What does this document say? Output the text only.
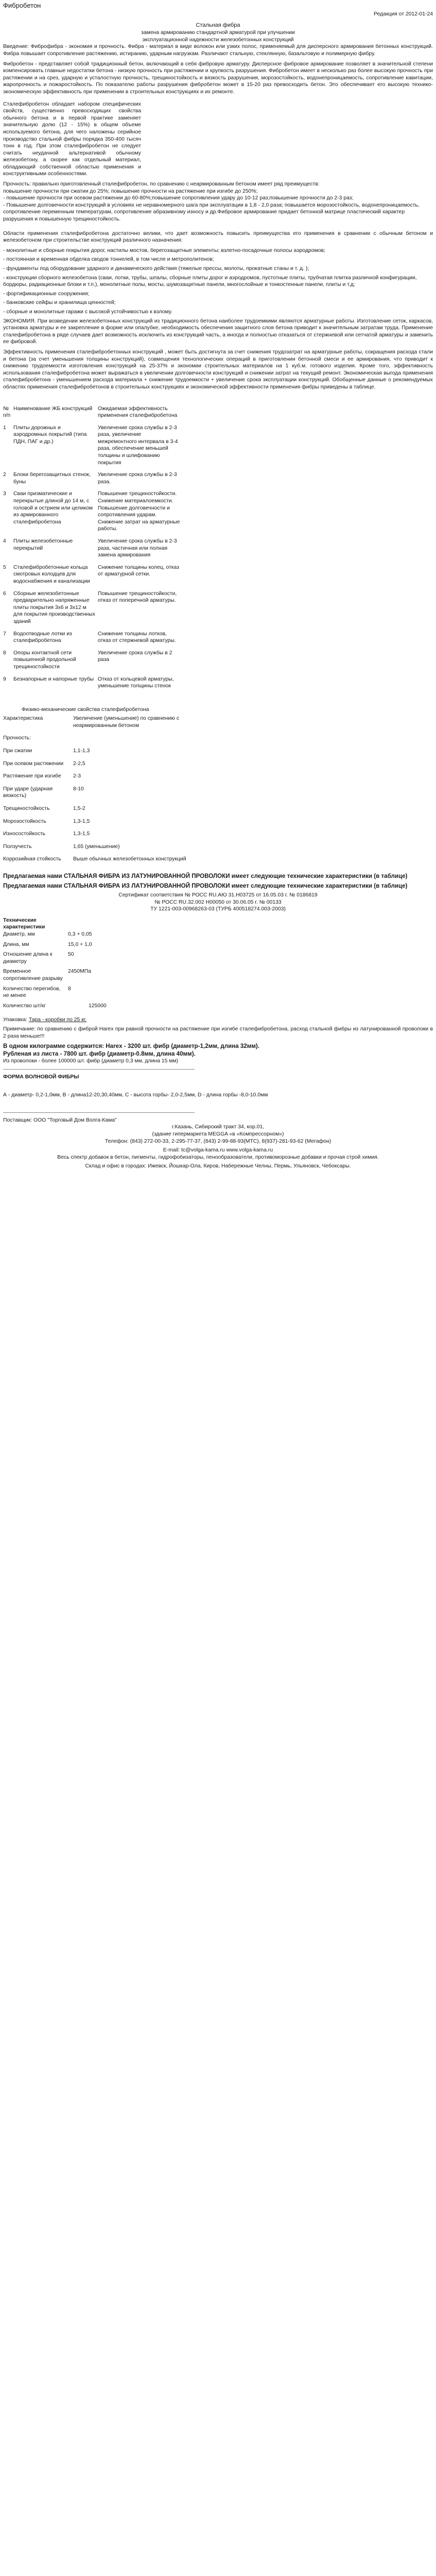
Фибробетон
Редакция от 2012-01-24
Стальная фибра
замена армированию стандартной арматурой при улучшении
эксплуатационной надежности железобетонных конструкций

Введение: Фиброфибра - экономия и прочность. Фибра - материал в виде волокон или узких полос, применяемый для дисперсного армирования бетонных конструкций. Фибра повышает сопротивление растяжению, истиранию, ударным нагрузкам. Различают стальную, стеклянную, базальтовую и полимерную фибру.

Фибробетон - представляет собой традиционный бетон, включающий в себя фибровую арматуру. Дисперсное фибровое армирование позволяет в значительной степени компенсировать главные недостатки бетона - низкую прочность при растяжении и хрупкость разрушения. Фибробетон имеет в несколько раз более высокую прочность при растяжении и на срез, ударную и усталостную прочность, трещиностойкость и вязкость разрушения, морозостойкость, водонепроницаемость, сопротивление кавитации, жаропрочность и пожаростойкость. По показателю работы разрушения фибробетон может в 15-20 раз превосходить бетон. Это обеспечивает его высокую технико-экономическую эффективность при применении в строительных конструкциях и их ремонте.

Сталефибробетон обладает набором специфических свойств, существенно превосходящих свойства обычного бетона и в первой практике заменяет значительную долю (12 - 15%) в общем объеме используемого бетона, для чего наложены серийное производство стальной фибры порядка 350-400 тысяч тонн в год. При этом сталефибробетон не следует считать неудачной альтернативой обычному железобетону, а скорее как отдельный материал, обладающий собственной областью применения и конструктивными особенностями.
Прочность: правильно приготовленный сталефибробетон, по сравнению с неармированным бетоном имеет ряд преимуществ:
повышение прочности при сжатии до 25%; повышение прочности на растяжение при изгибе до 250%;
- повышение прочности при осевом растяжении до 60-80%;повышение сопротивления удару до 10-12 раз;повышение прочности до 2-3 раз;
- Повышение долговечности конструкций в условиях не неравномерного шага при эксплуатации в 1,8 - 2,0 раза; повышается морозостойкость, водонепроницаемость, сопротивление переменным температурам, сопротивление абразивному износу и др.Фибровое армирование придает бетонной матрице пластический характер разрушения и повышенную трещиностойкость.

Области применения сталефибробетона достаточно велики, что дает возможность повысить преимущества его применения в сравнении с обычным бетоном и железобетоном при строительстве конструкций различного назначения:

- монолитные и сборные покрытия дорог, настилы мостов, берегозащитные элементы; взлетно-посадочные полосы аэродромов;
- постоянная и временная обделка сводов тоннелей, в том числе и метрополитенов;
- фундаменты под оборудование ударного и динамического действия (тяжелые прессы, молоты, прокатные станы и т. д. );
- конструкции сборного железобетона (сваи, лотки, трубы, шпалы, сборные плиты дорог и аэродромов, пустотные плиты, трубчатая плитка различной конфигурации, бордюры, радиационные блоки и т.п.), монолитные полы, мосты, шумозащитные панели, многослойные и тонкостенные панели, плиты и т.д;
- фортификационные сооружения;
- банковские сейфы и хранилища ценностей;
- сборные и монолитные гаражи с высокой устойчивостью к взлому.

ЭКОНОМИЯ. При возведении железобетонных конструкций из традиционного бетона наиболее трудоемкими являются арматурные работы. Изготовление сеток, каркасов, установка арматуры и ее закрепление в форме или опалубке, необходимость обеспечения защитного слоя бетона приводит к значительным затратам труда. Применение сталефибробетона в ряде случаев дает возможность исключить из конструкций часть, а иногда и полностью отказаться от стержневой или сетчатой арматуры и заменить ее фибровой.

Эффективность применения сталефибробетонных конструкций , может быть достигнута за счет снижения трудозатрат на арматурные работы, сокращения расхода стали и бетона (за счет уменьшения толщины конструкций), совмещения технологических операций в приготовлении бетонной смеси и ее армирования, что приводит к снижению трудоемкости изготовления конструкций на 25-37% и экономии строительных материалов на 1 куб.м. готового изделия. Кроме того, эффективность использования сталефибробетона может выражаться в увеличении долговечности конструкций и снижении затрат на текущий ремонт. Экономическая выгода применения сталефибробетона - уменьшением расхода материала + снижение трудоемкости + увеличение срока эксплуатации конструкций. Обобщенные данные о рекомендуемых областях применения сталефибробетонов в строительных конструкциях и экономической эффективности применения фибры приведены в таблице.

№ п/п	Наименование ЖБ конструкций	Ожидаемая эффективность применения сталефибробетона
1	Плиты дорожных и аэродромных покрытий (типа ПДН, ПАГ и др.)	Увеличение срока службы в 2-3 раза, увеличение межремонтного интервала в 3-4 раза, обеспечение меньшей толщины и шлифованию покрытия
2	Блоки берегозащитных стенок, буны	Увеличение срока службы в 2-3 раза.
3	Сваи призматические и перекрытые длиной до 14 м, с головой и острием или целиком из армированного сталефибробетона	Повышение трещиностойкости. Снижение материалоемкости. Повышение долговечности и сопротивления ударам. Снижение затрат на арматурные работы.
4	Плиты железобетонные перекрытий	Увеличение срока службы в 2-3 раза, частичная или полная замена армирования
5	Сталефибробетонные кольца смотровых колодцев для водоснабжения и канализации	Снижение толщины колец, отказ от арматурной сетки.
6	Сборные железобетонные предварительно напряженные плиты покрытия 3x6 и 3x12 м для покрытия производственных зданий	Повышение трещиностойкости, отказ от поперечной арматуры.
7	Водоотводные лотки из сталефибробетона	Снижение толщины лотков, отказ от стержневой арматуры.
8	Опоры контактной сети повышенной продольной трещиностойкости	Увеличение срока службы в 2 раза
9	Безнапорные и напорные трубы	Отказ от кольцевой арматуры, уменьшение толщины стенок
Физико-механические свойства сталефибробетона
Характеристика	Увеличение (уменьшение) по сравнению с неармированным бетоном
Прочность:	
При сжатии	1,1-1,3
При осевом растяжении	2-2,5
Растяжение при изгибе	2-3
При ударе (ударная вязкость)	8-10
Трещиностойкость	1,5-2
Морозостойкость	1,3-1,5
Износостойкость	1,3-1,5
Ползучесть	1,65 (уменьшение)
Коррозийная стойкость	Выше обычных железобетонных конструкций
Предлагаемая нами СТАЛЬНАЯ ФИБРА ИЗ ЛАТУНИРОВАННОЙ ПРОВОЛОКИ имеет следующие технические характеристики (в таблице)
Предлагаемая нами СТАЛЬНАЯ ФИБРА ИЗ ЛАТУНИРОВАННОЙ ПРОВОЛОКИ имеет следующие технические характеристики (в таблице)
Сертификат соответствия № РОСС RU.AЮ 31.Н03725 от 16.05.03 г. № 0186819
№ РОСС RU.32.002 H00050 от 30.06.05 г. № 00133
ТУ 1221-003-00968263-03 (ТУРБ 400518274.003-2003)
Технические характеристики
Диаметр, мм	0,3 + 0,05
Длина, мм	15,0 + 1,0
Отношение длина к диаметру	50
Временное сопротивление разрыву	2450МПа
Количество перегибов, не менее	8
Количество шт/кг	125000
Упаковка: Тара - коробки по 25 кг.

Примечание: по сравнению с фиброй Harex при равной прочности на растяжение при изгибе сталефибробетона, расход стальной фибры из латунированной проволоки в 2 раза меньше!!!

В одном килограмме содержится: Harex - 3200 шт. фибр (диаметр-1,2мм, длина 32мм).
Рубленая из листа - 7800 шт. фибр (диаметр-0.8мм, длина 40мм).
Из проволоки - более 100000 шт. фибр (диаметр 0,3 мм, длина 15 мм)
ФОРМА ВОЛНОВОЙ ФИБРЫ
А - диаметр- 0,2-1,0мм, В - длина12-20,30,40мм, С - высота горбы- 2,0-2,5мм, D - длина горбы -8,0-10.0мм
Поставщик: ООО "Торговый Дом Волга-Кама"
г.Казань, Сибирский тракт 34, кор.01,
(здание гипермаркета MEGGA «в «Компрессорном»)
Телефон: (843) 272-00-33, 2-295-77-37, (843) 2-99-88-93(МТС), 8(937)-281-93-62 (Мегафон)
E-mail: tc@volga-kama.ru www.volga-kama.ru
Весь спектр добавок в бетон, пигменты, гидрофобизаторы, пенообразователи, противоморозные добавки и прочая строй химия.
Склад и офис в городах: Ижевск, Йошкар-Ола, Киров, Набережные Челны, Пермь, Ульяновск, Чебоксары.
